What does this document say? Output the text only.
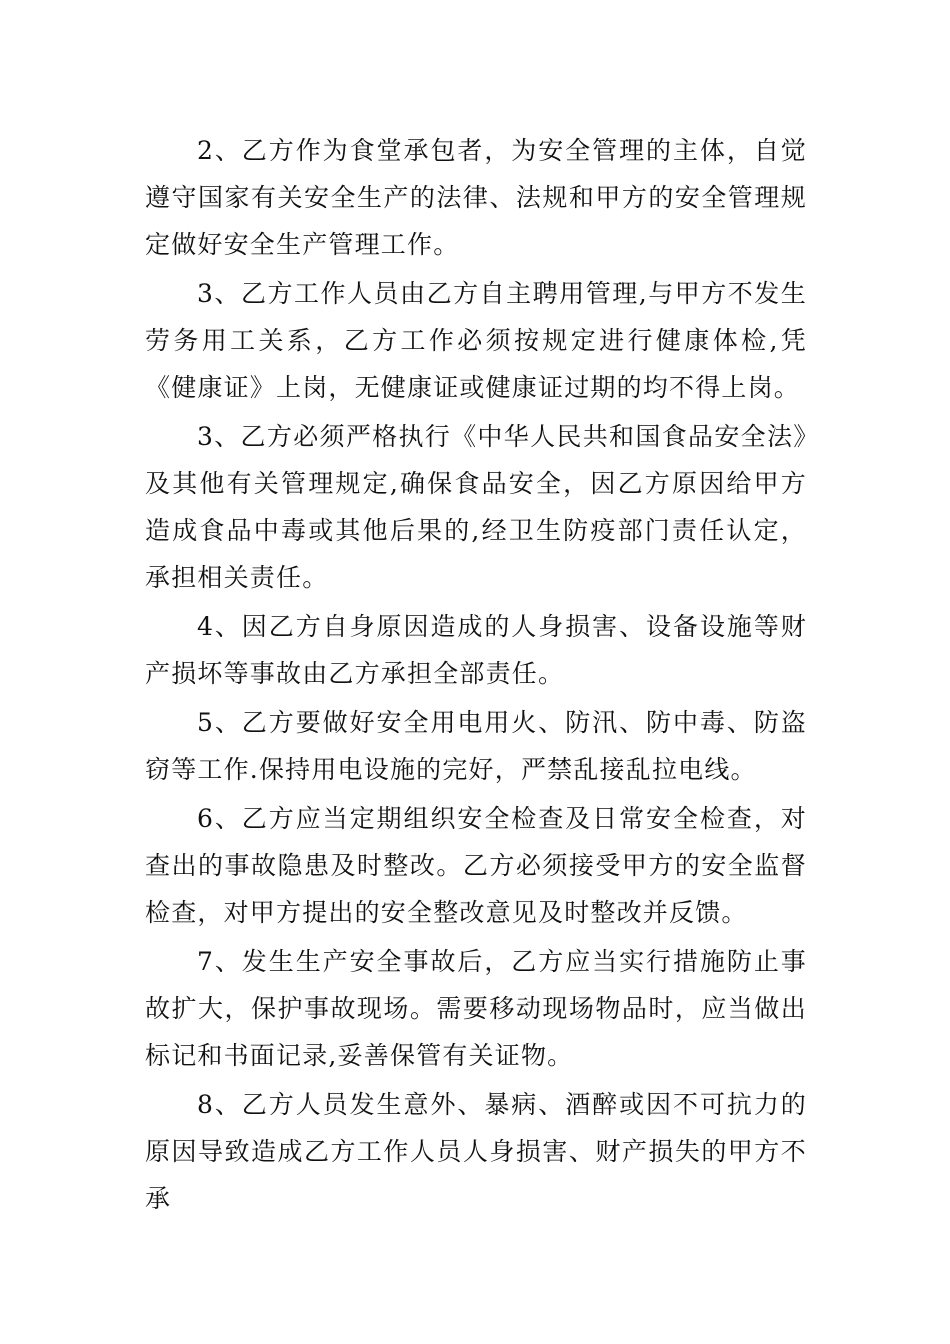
2、乙方作为食堂承包者，为安全管理的主体，自觉遵守国家有关安全生产的法律、法规和甲方的安全管理规定做好安全生产管理工作。

3、乙方工作人员由乙方自主聘用管理,与甲方不发生劳务用工关系，乙方工作必须按规定进行健康体检,凭《健康证》上岗，无健康证或健康证过期的均不得上岗。

3、乙方必须严格执行《中华人民共和国食品安全法》及其他有关管理规定,确保食品安全，因乙方原因给甲方造成食品中毒或其他后果的,经卫生防疫部门责任认定，承担相关责任。

4、因乙方自身原因造成的人身损害、设备设施等财产损坏等事故由乙方承担全部责任。

5、乙方要做好安全用电用火、防汛、防中毒、防盗窃等工作.保持用电设施的完好，严禁乱接乱拉电线。

6、乙方应当定期组织安全检查及日常安全检查，对查出的事故隐患及时整改。乙方必须接受甲方的安全监督检查，对甲方提出的安全整改意见及时整改并反馈。

7、发生生产安全事故后，乙方应当实行措施防止事故扩大，保护事故现场。需要移动现场物品时，应当做出标记和书面记录,妥善保管有关证物。

8、乙方人员发生意外、暴病、酒醉或因不可抗力的原因导致造成乙方工作人员人身损害、财产损失的甲方不承
